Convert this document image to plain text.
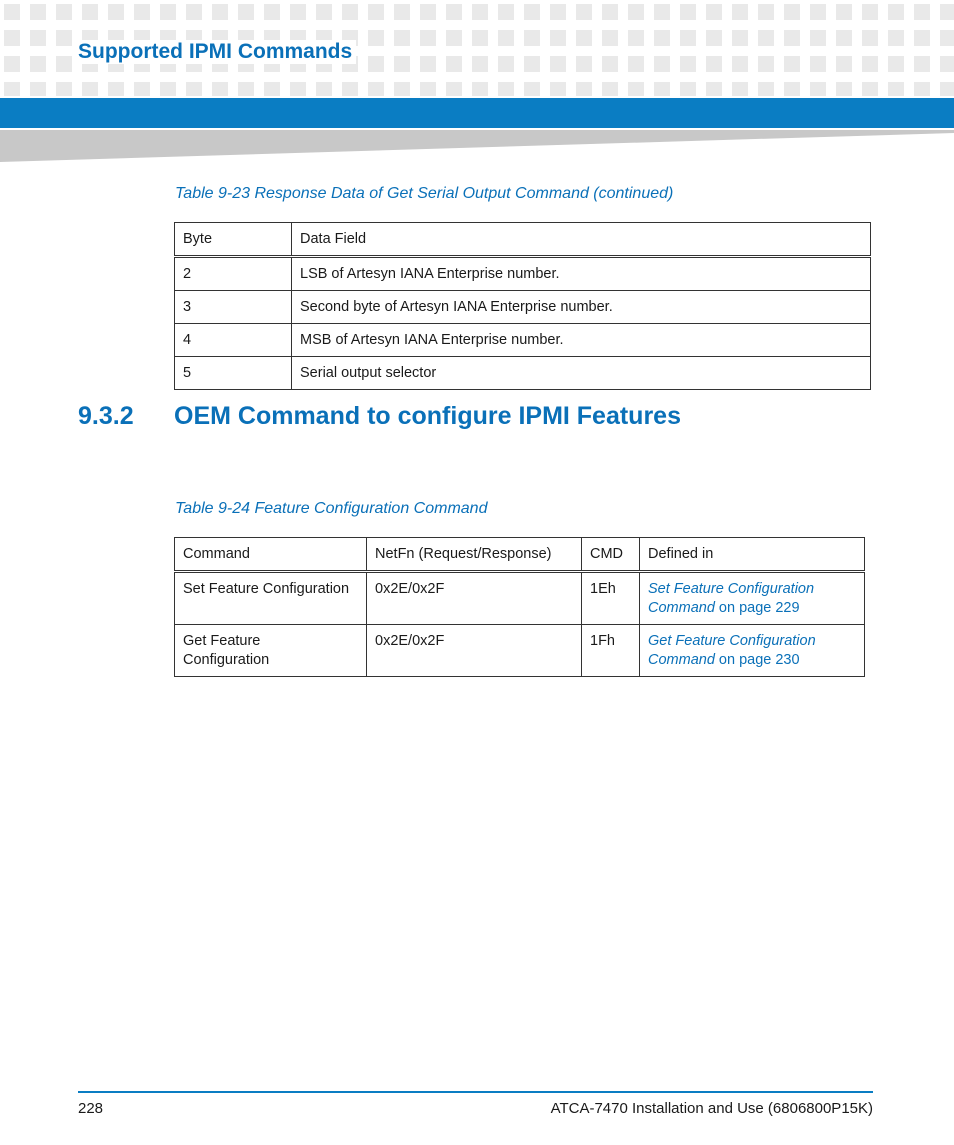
Supported IPMI Commands
Table 9-23 Response Data of Get Serial Output Command (continued)
Byte	Data Field
2	LSB of Artesyn IANA Enterprise number.
3	Second byte of Artesyn IANA Enterprise number.
4	MSB of Artesyn IANA Enterprise number.
5	Serial output selector
9.3.2 OEM Command to configure IPMI Features
Table 9-24 Feature Configuration Command
Command	NetFn (Request/Response)	CMD	Defined in
Set Feature Configuration	0x2E/0x2F	1Eh	Set Feature Configuration
Command on page 229
Get Feature
Configuration	0x2E/0x2F	1Fh	Get Feature Configuration
Command on page 230
228	ATCA-7470 Installation and Use (6806800P15K)
